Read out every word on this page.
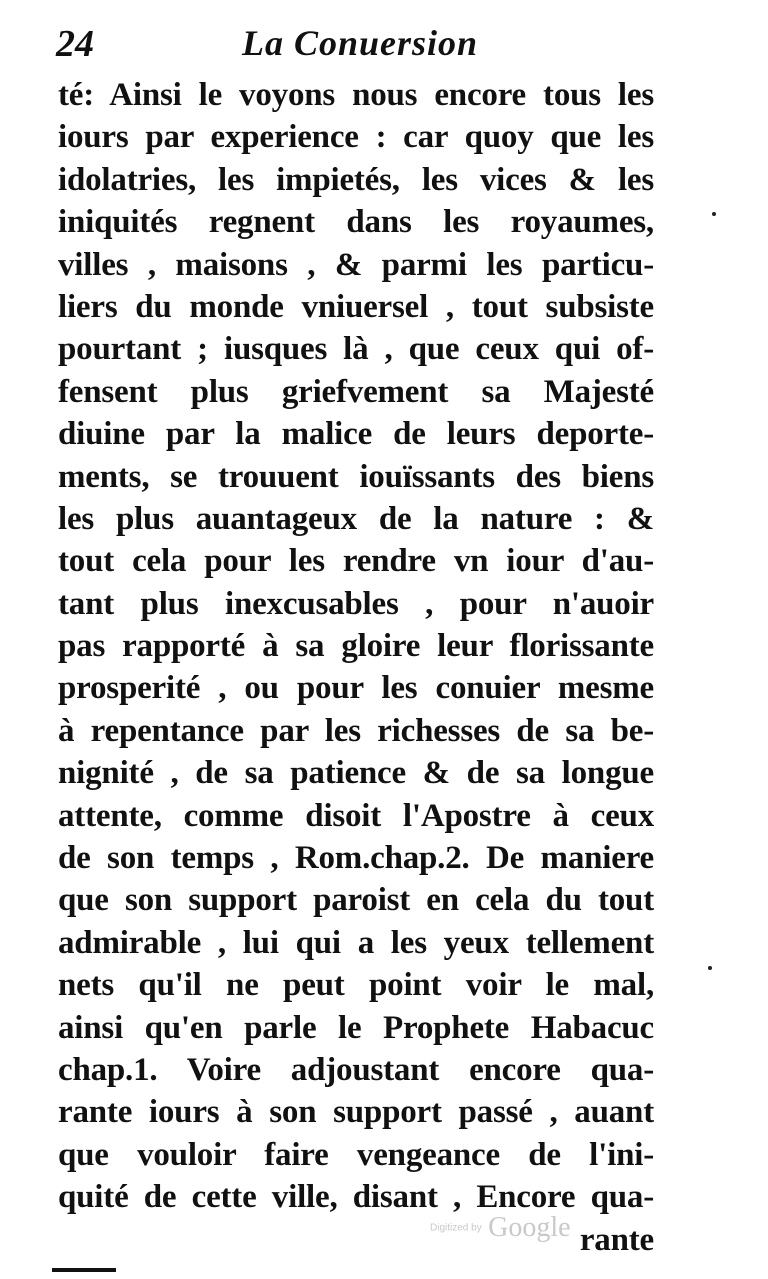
24	La Conuersion
té: Ainsi le voyons nous encore tous les
iours par experience : car quoy que les
idolatries, les impietés, les vices & les
iniquités regnent dans les royaumes,
villes , maisons , & parmi les particu-
liers du monde vniuersel , tout subsiste
pourtant ; iusques là , que ceux qui of-
fensent plus griefvement sa Majesté
diuine par la malice de leurs deporte-
ments, se trouuent iouïssants des biens
les plus auantageux de la nature : &
tout cela pour les rendre vn iour d'au-
tant plus inexcusables , pour n'auoir
pas rapporté à sa gloire leur florissante
prosperité , ou pour les conuier mesme
à repentance par les richesses de sa be-
nignité , de sa patience & de sa longue
attente, comme disoit l'Apostre à ceux
de son temps , Rom.chap.2. De maniere
que son support paroist en cela du tout
admirable , lui qui a les yeux tellement
nets qu'il ne peut point voir le mal,
ainsi qu'en parle le Prophete Habacuc
chap.1. Voire adjoustant encore qua-
rante iours à son support passé , auant
que vouloir faire vengeance de l'ini-
quité de cette ville, disant , Encore qua-
rante
Digitized by Google
